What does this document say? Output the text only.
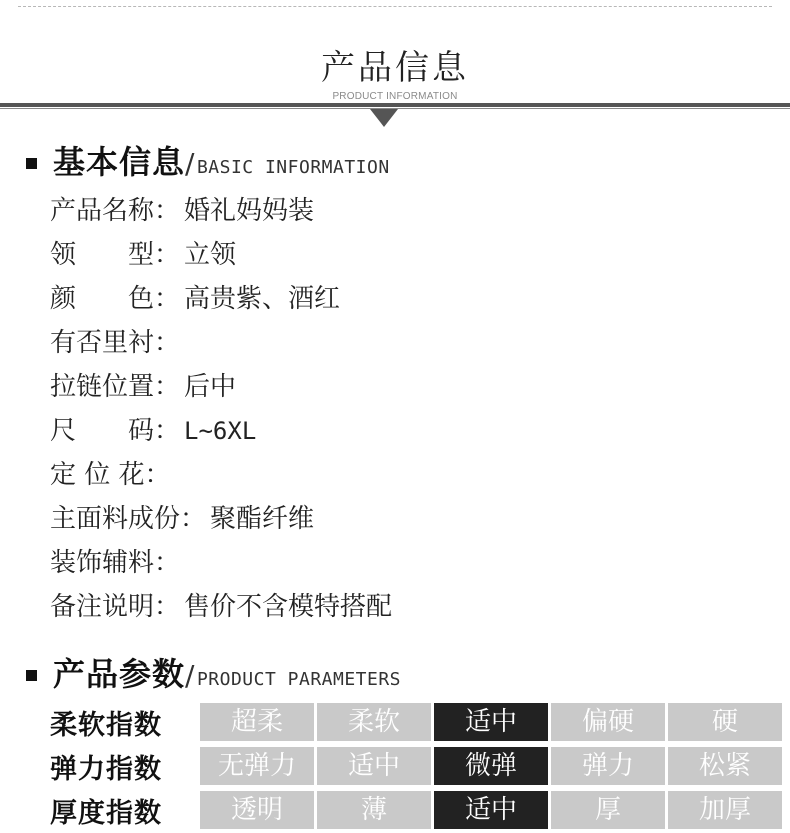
产品信息
PRODUCT INFORMATION
基本信息 / BASIC INFORMATION
产品名称： 婚礼妈妈装
领　　型： 立领
颜　　色： 高贵紫、酒红
有否里衬：
拉链位置： 后中
尺　　码： L~6XL
定 位 花：
主面料成份： 聚酯纤维
装饰辅料：
备注说明： 售价不含模特搭配
产品参数 / PRODUCT PARAMETERS
柔软指数	超柔	柔软	适中	偏硬	硬
弹力指数	无弹力	适中	微弹	弹力	松紧
厚度指数	透明	薄	适中	厚	加厚
